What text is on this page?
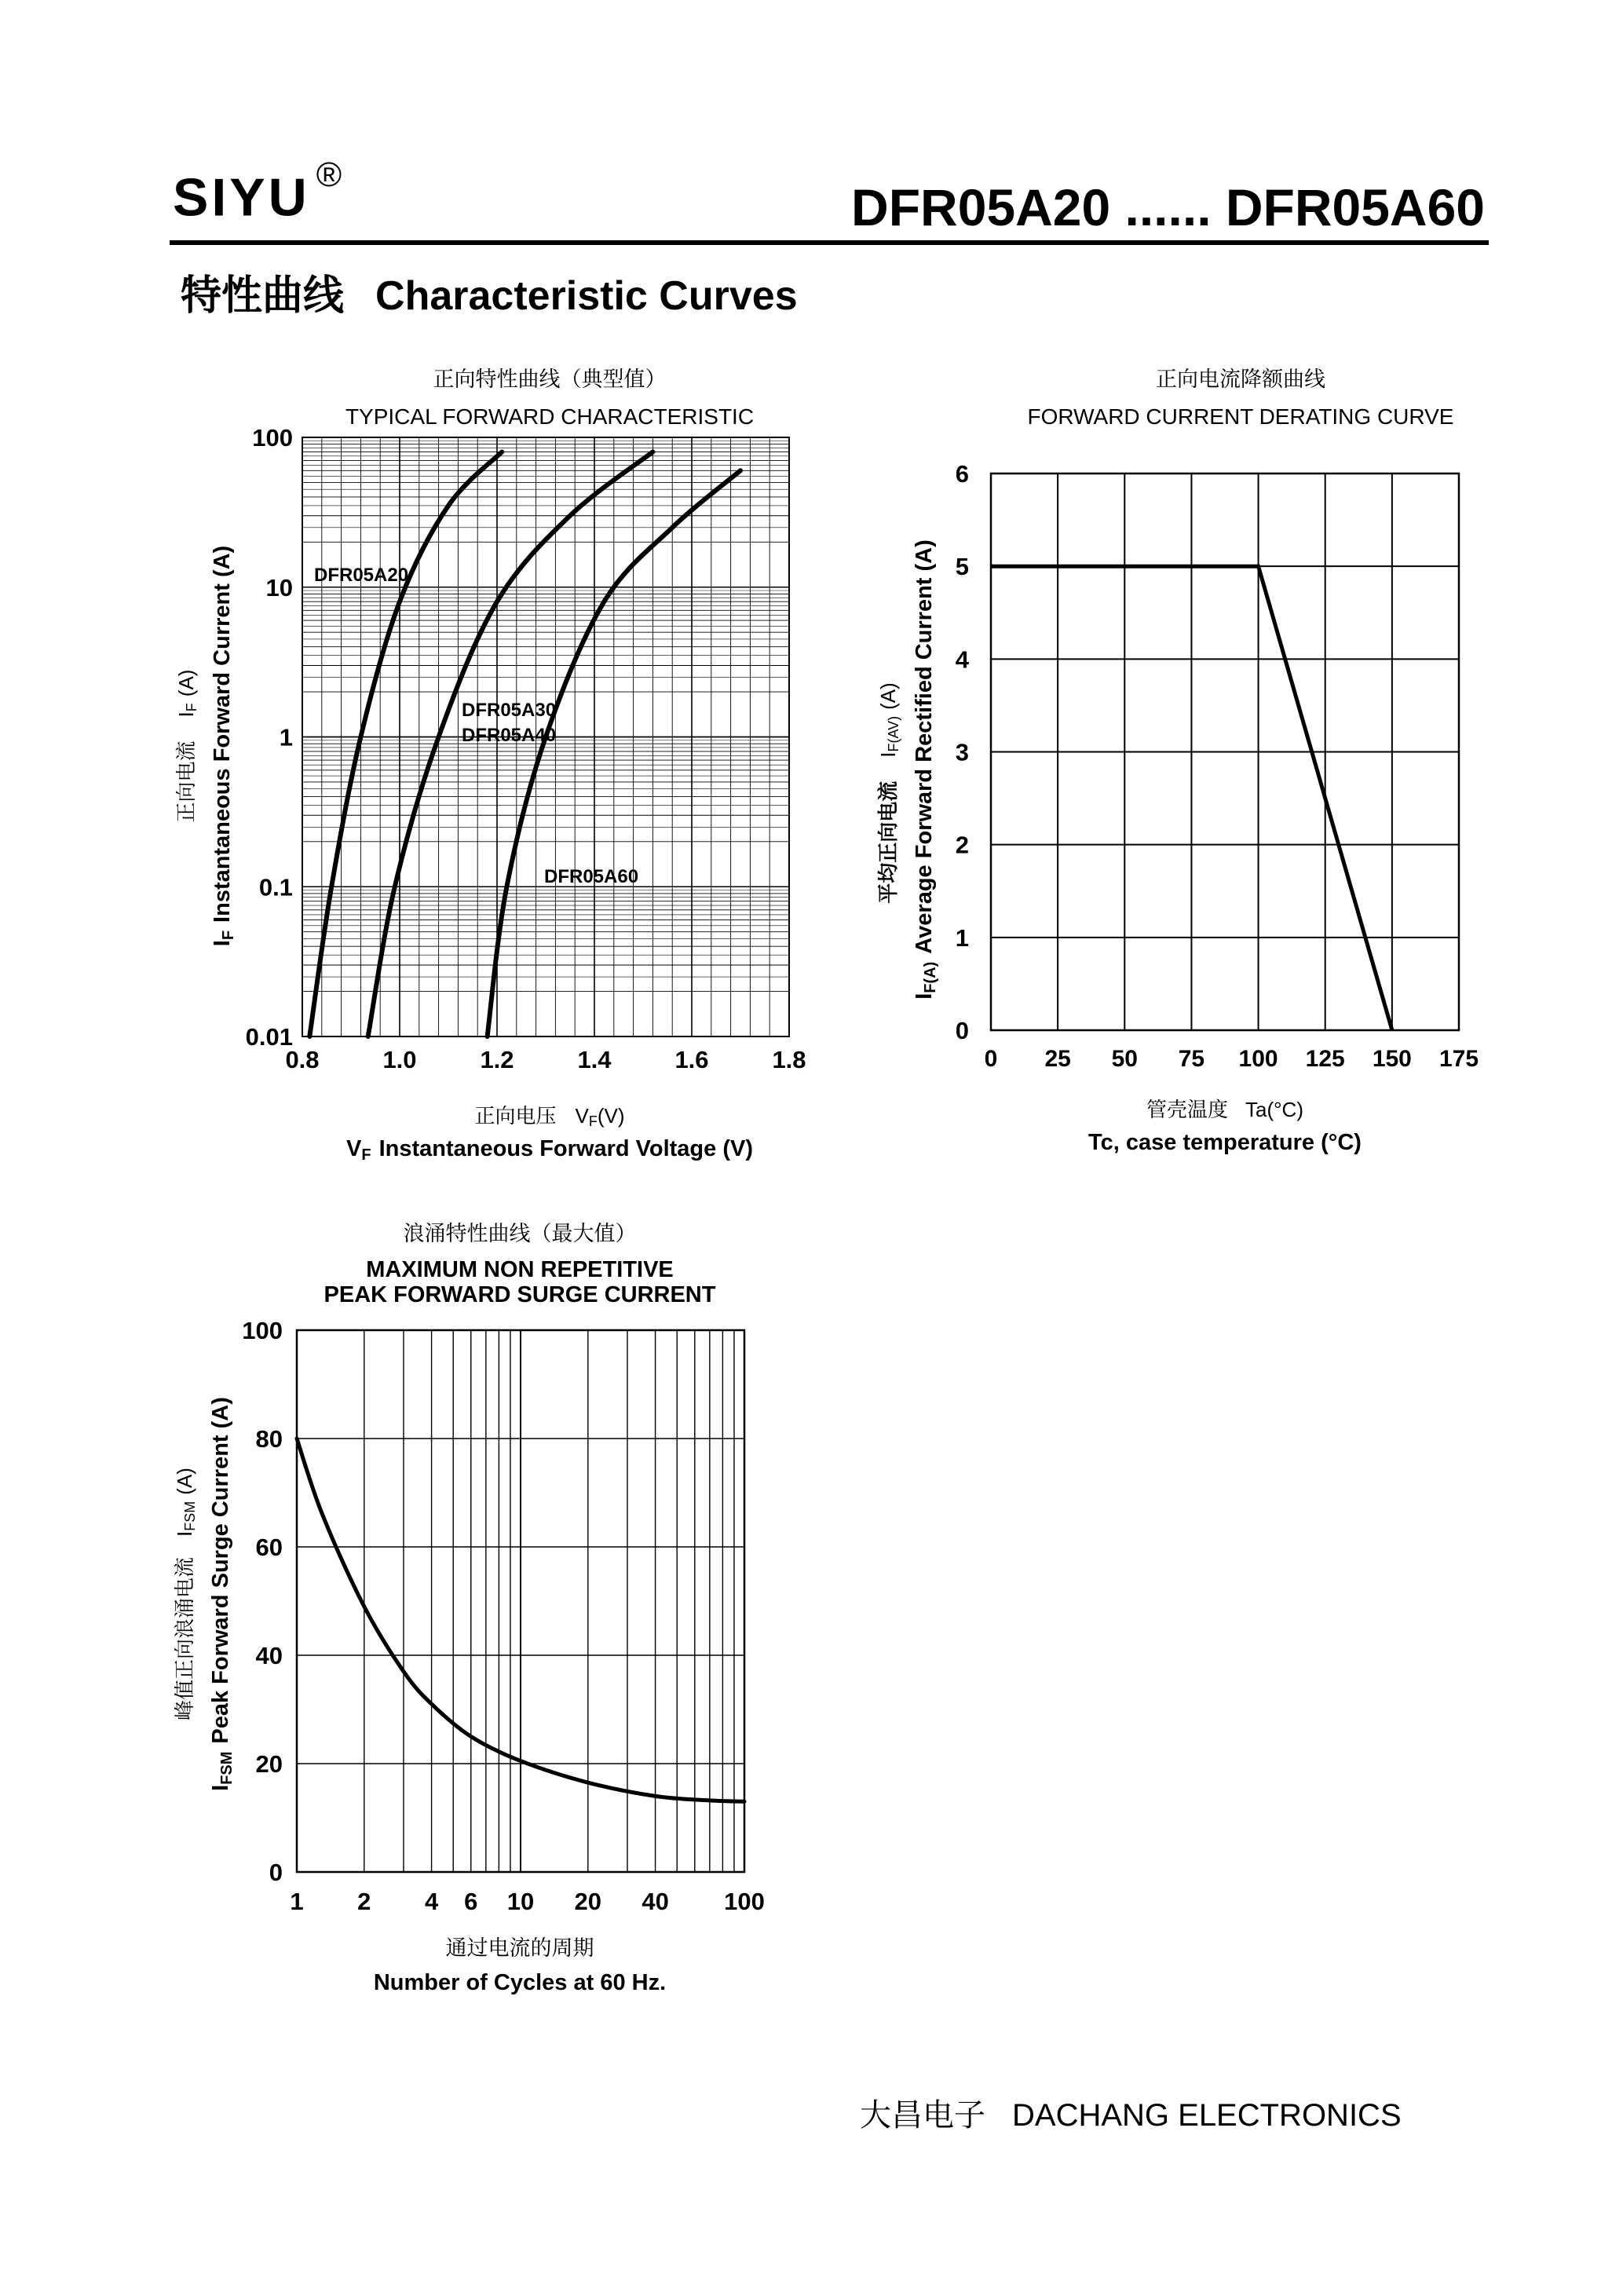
SIYU ®
DFR05A20 ...... DFR05A60
特性曲线 Characteristic Curves
正向特性曲线（典型值）
TYPICAL FORWARD CHARACTERISTIC
0.8	1.0	1.2	1.4	1.6	1.8
0.01
0.1
1
10
100
DFR05A20
DFR05A30
DFR05A40
DFR05A60
正向电压 VF(V)
VF Instantaneous Forward Voltage (V)
正向电流IF(A)
IFInstantaneous Forward Current (A)
正向电流降额曲线
FORWARD CURRENT DERATING CURVE
0 25 50 75 100 125 150 175
0
1
2
3
4
5
6
管壳温度 Ta(°C)
Tc, case temperature (°C)
平均正向电流IF(AV)(A)
IF(A)Average Forward Rectified Current (A)
浪涌特性曲线（最大值）
MAXIMUM NON REPETITIVE
PEAK FORWARD SURGE CURRENT
1 2 4 6 10 20 40 100
0
20
40
60
80
100
通过电流的周期
Number of Cycles at 60 Hz.
峰值正向浪涌电流IFSM(A)
IFSMPeak Forward Surge Current (A)
大昌电子 DACHANG ELECTRONICS
